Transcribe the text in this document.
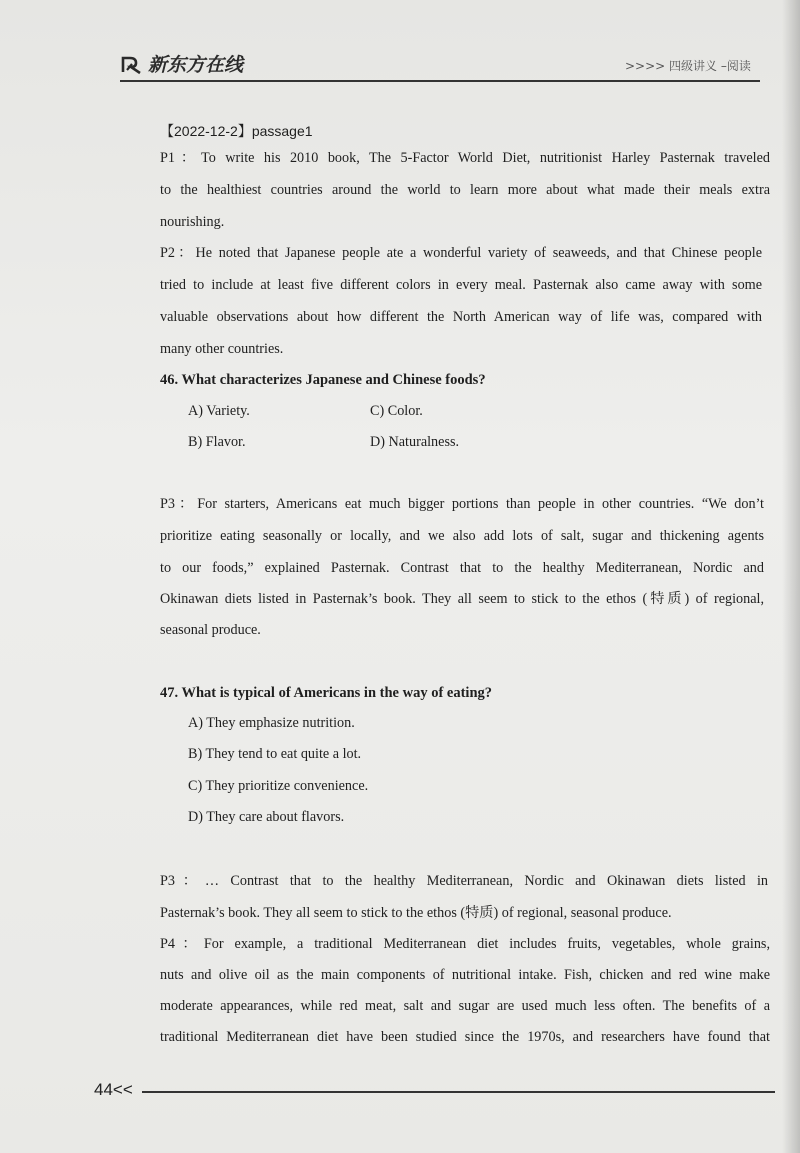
新东方在线	>>>> 四级讲义 –阅读
【2022-12-2】passage1
P1：To write his 2010 book, The 5-Factor World Diet, nutritionist Harley Pasternak traveled
to the healthiest countries around the world to learn more about what made their meals extra
nourishing.
P2：He noted that Japanese people ate a wonderful variety of seaweeds, and that Chinese people
tried to include at least five different colors in every meal. Pasternak also came away with some
valuable observations about how different the North American way of life was, compared with
many other countries.
46. What characterizes Japanese and Chinese foods?
A) Variety.	C) Color.
B) Flavor.	D) Naturalness.
P3：For starters, Americans eat much bigger portions than people in other countries. “We don’t
prioritize eating seasonally or locally, and we also add lots of salt, sugar and thickening agents
to our foods,” explained Pasternak. Contrast that to the healthy Mediterranean, Nordic and
Okinawan diets listed in Pasternak’s book. They all seem to stick to the ethos (特质) of regional,
seasonal produce.
47. What is typical of Americans in the way of eating?
A) They emphasize nutrition.
B) They tend to eat quite a lot.
C) They prioritize convenience.
D) They care about flavors.
P3：… Contrast that to the healthy Mediterranean, Nordic and Okinawan diets listed in
Pasternak’s book. They all seem to stick to the ethos (特质) of regional, seasonal produce.
P4：For example, a traditional Mediterranean diet includes fruits, vegetables, whole grains,
nuts and olive oil as the main components of nutritional intake. Fish, chicken and red wine make
moderate appearances, while red meat, salt and sugar are used much less often. The benefits of a
traditional Mediterranean diet have been studied since the 1970s, and researchers have found that
44<<
